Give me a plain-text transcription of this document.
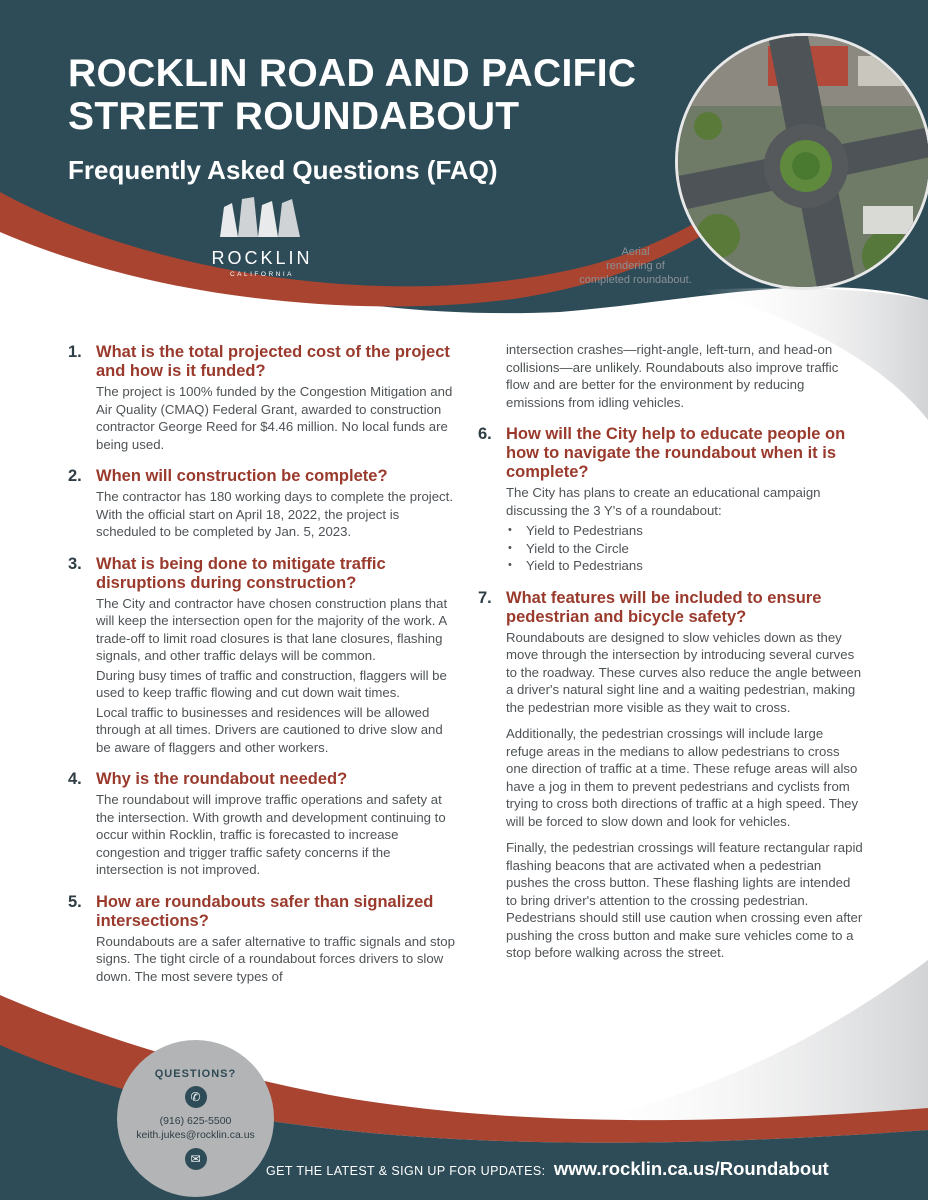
ROCKLIN ROAD AND PACIFIC STREET ROUNDABOUT
Frequently Asked Questions (FAQ)
ROCKLIN
CALIFORNIA
Aerial
rendering of
completed roundabout.
1. What is the total projected cost of the project and how is it funded?

The project is 100% funded by the Congestion Mitigation and Air Quality (CMAQ) Federal Grant, awarded to construction contractor George Reed for $4.46 million. No local funds are being used.

2. When will construction be complete?

The contractor has 180 working days to complete the project. With the official start on April 18, 2022, the project is scheduled to be completed by Jan. 5, 2023.

3. What is being done to mitigate traffic disruptions during construction?

The City and contractor have chosen construction plans that will keep the intersection open for the majority of the work. A trade-off to limit road closures is that lane closures, flashing signals, and other traffic delays will be common.

During busy times of traffic and construction, flaggers will be used to keep traffic flowing and cut down wait times.

Local traffic to businesses and residences will be allowed through at all times. Drivers are cautioned to drive slow and be aware of flaggers and other workers.

4. Why is the roundabout needed?

The roundabout will improve traffic operations and safety at the intersection. With growth and development continuing to occur within Rocklin, traffic is forecasted to increase congestion and trigger traffic safety concerns if the intersection is not improved.

5. How are roundabouts safer than signalized intersections?

Roundabouts are a safer alternative to traffic signals and stop signs. The tight circle of a roundabout forces drivers to slow down. The most severe types of

intersection crashes—right-angle, left-turn, and head-on collisions—are unlikely. Roundabouts also improve traffic flow and are better for the environment by reducing emissions from idling vehicles.

6. How will the City help to educate people on how to navigate the roundabout when it is complete?

The City has plans to create an educational campaign discussing the 3 Y's of a roundabout:

• Yield to Pedestrians
• Yield to the Circle
• Yield to Pedestrians
7. What features will be included to ensure pedestrian and bicycle safety?

Roundabouts are designed to slow vehicles down as they move through the intersection by introducing several curves to the roadway. These curves also reduce the angle between a driver's natural sight line and a waiting pedestrian, making the pedestrian more visible as they wait to cross.

Additionally, the pedestrian crossings will include large refuge areas in the medians to allow pedestrians to cross one direction of traffic at a time. These refuge areas will also have a jog in them to prevent pedestrians and cyclists from trying to cross both directions of traffic at a high speed. They will be forced to slow down and look for vehicles.

Finally, the pedestrian crossings will feature rectangular rapid flashing beacons that are activated when a pedestrian pushes the cross button. These flashing lights are intended to bring driver's attention to the crossing pedestrian. Pedestrians should still use caution when crossing even after pushing the cross button and make sure vehicles come to a stop before walking across the street.

QUESTIONS?
✆
(916) 625-5500
keith.jukes@rocklin.ca.us
✉
GET THE LATEST & SIGN UP FOR UPDATES: www.rocklin.ca.us/Roundabout
